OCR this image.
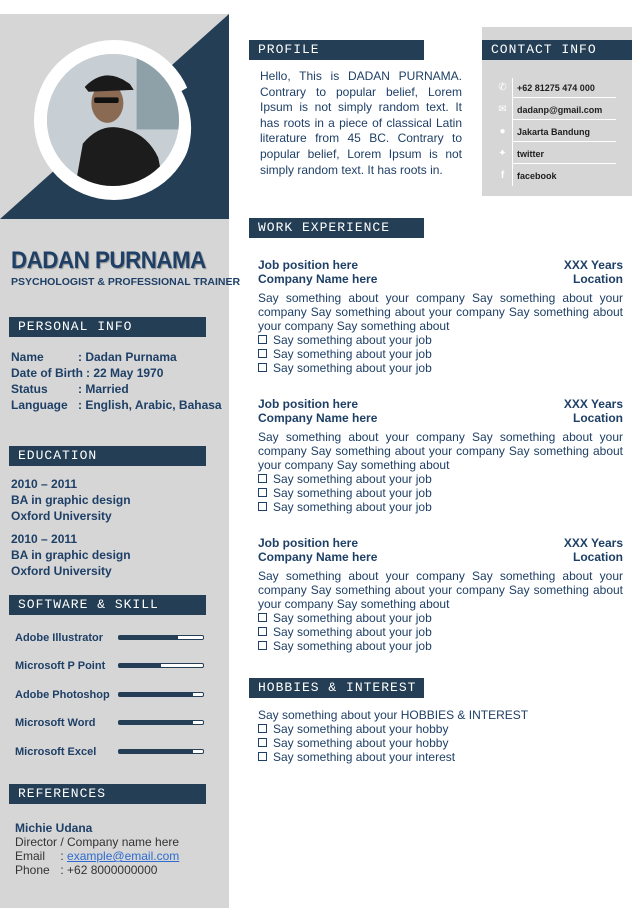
DADAN PURNAMA
PSYCHOLOGIST & PROFESSIONAL TRAINER
PERSONAL INFO
Name	: Dadan Purnama
Date of Birth : 22 May 1970
Status	: Married
Language : English, Arabic, Bahasa
EDUCATION
2010 – 2011
BA in graphic design
Oxford University
2010 – 2011
BA in graphic design
Oxford University
SOFTWARE & SKILL
Adobe Illustrator
Microsoft P Point
Adobe Photoshop
Microsoft Word
Microsoft Excel
REFERENCES
Michie Udana
Director / Company name here
Email : example@email.com
Phone : +62 8000000000
PROFILE
Hello, This is DADAN PURNAMA. Contrary to popular belief, Lorem Ipsum is not simply random text. It has roots in a piece of classical Latin literature from 45 BC. Contrary to popular belief, Lorem Ipsum is not simply random text. It has roots in.
CONTACT INFO
✆ +62 81275 474 000
✉ dadanp@gmail.com
●	Jakarta Bandung
✦ twitter
f	facebook
WORK EXPERIENCE
Job position here	XXX Years
Company Name here	Location
Say something about your company Say something about your company Say something about your company Say something about your company Say something about
Say something about your job
Say something about your job
Say something about your job
Job position here	XXX Years
Company Name here	Location
Say something about your company Say something about your company Say something about your company Say something about your company Say something about
Say something about your job
Say something about your job
Say something about your job
Job position here	XXX Years
Company Name here	Location
Say something about your company Say something about your company Say something about your company Say something about your company Say something about
Say something about your job
Say something about your job
Say something about your job
HOBBIES & INTEREST
Say something about your HOBBIES & INTEREST
Say something about your hobby
Say something about your hobby
Say something about your interest
